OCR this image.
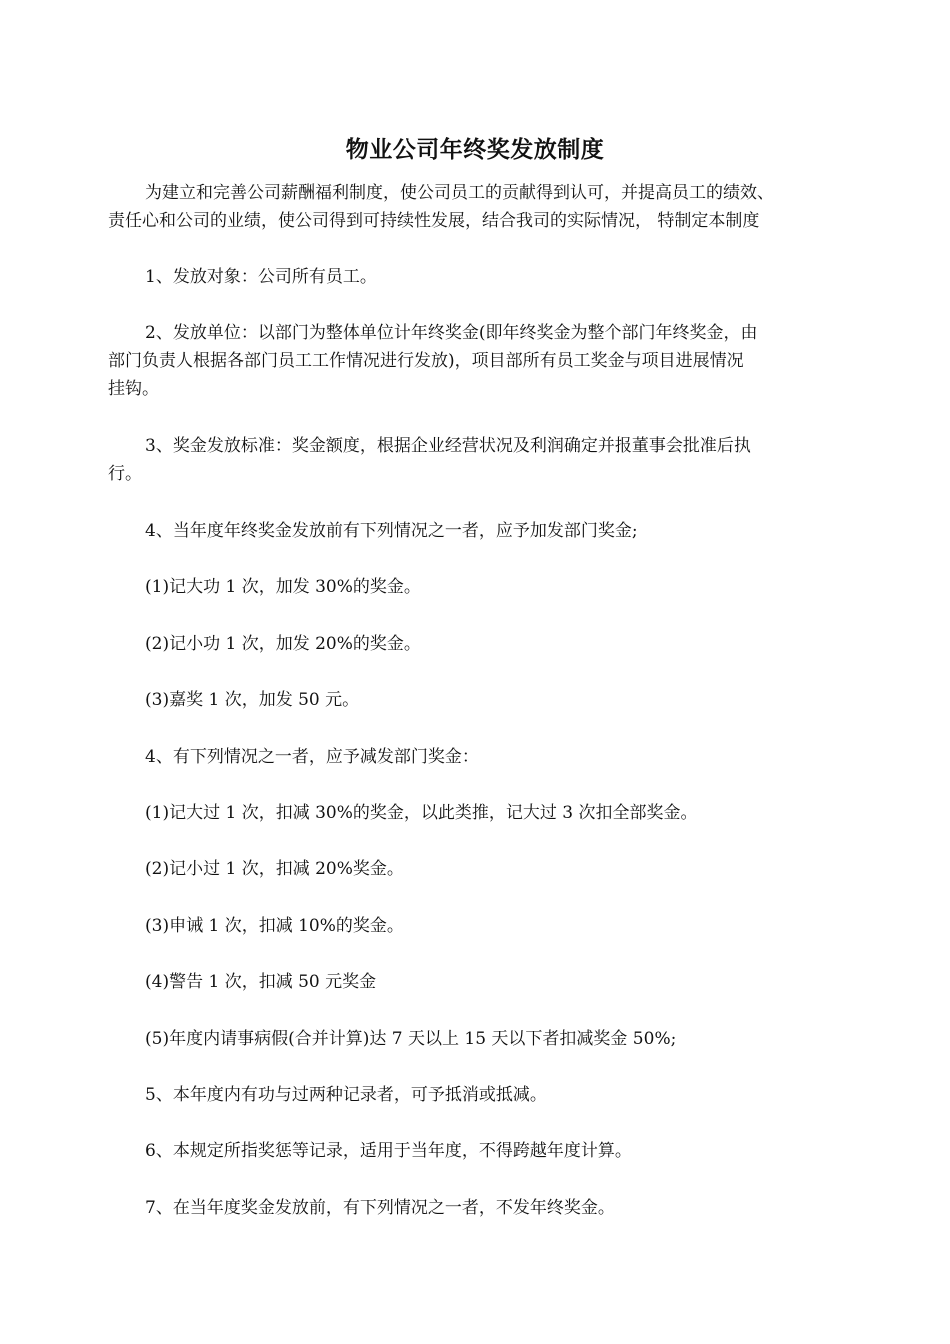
物业公司年终奖发放制度

为建立和完善公司薪酬福利制度，使公司员工的贡献得到认可，并提高员工的绩效、
责任心和公司的业绩，使公司得到可持续性发展，结合我司的实际情况， 特制定本制度

1、发放对象：公司所有员工。

2、发放单位：以部门为整体单位计年终奖金(即年终奖金为整个部门年终奖金，由
部门负责人根据各部门员工工作情况进行发放)，项目部所有员工奖金与项目进展情况
挂钩。

3、奖金发放标准：奖金额度，根据企业经营状况及利润确定并报董事会批准后执
行。

4、当年度年终奖金发放前有下列情况之一者，应予加发部门奖金;

(1)记大功 1 次，加发 30%的奖金。

(2)记小功 1 次，加发 20%的奖金。

(3)嘉奖 1 次，加发 50 元。

4、有下列情况之一者，应予减发部门奖金：

(1)记大过 1 次，扣减 30%的奖金，以此类推，记大过 3 次扣全部奖金。

(2)记小过 1 次，扣减 20%奖金。

(3)申诫 1 次，扣减 10%的奖金。

(4)警告 1 次，扣减 50 元奖金

(5)年度内请事病假(合并计算)达 7 天以上 15 天以下者扣减奖金 50%;

5、本年度内有功与过两种记录者，可予抵消或抵减。

6、本规定所指奖惩等记录，适用于当年度，不得跨越年度计算。

7、在当年度奖金发放前，有下列情况之一者，不发年终奖金。
